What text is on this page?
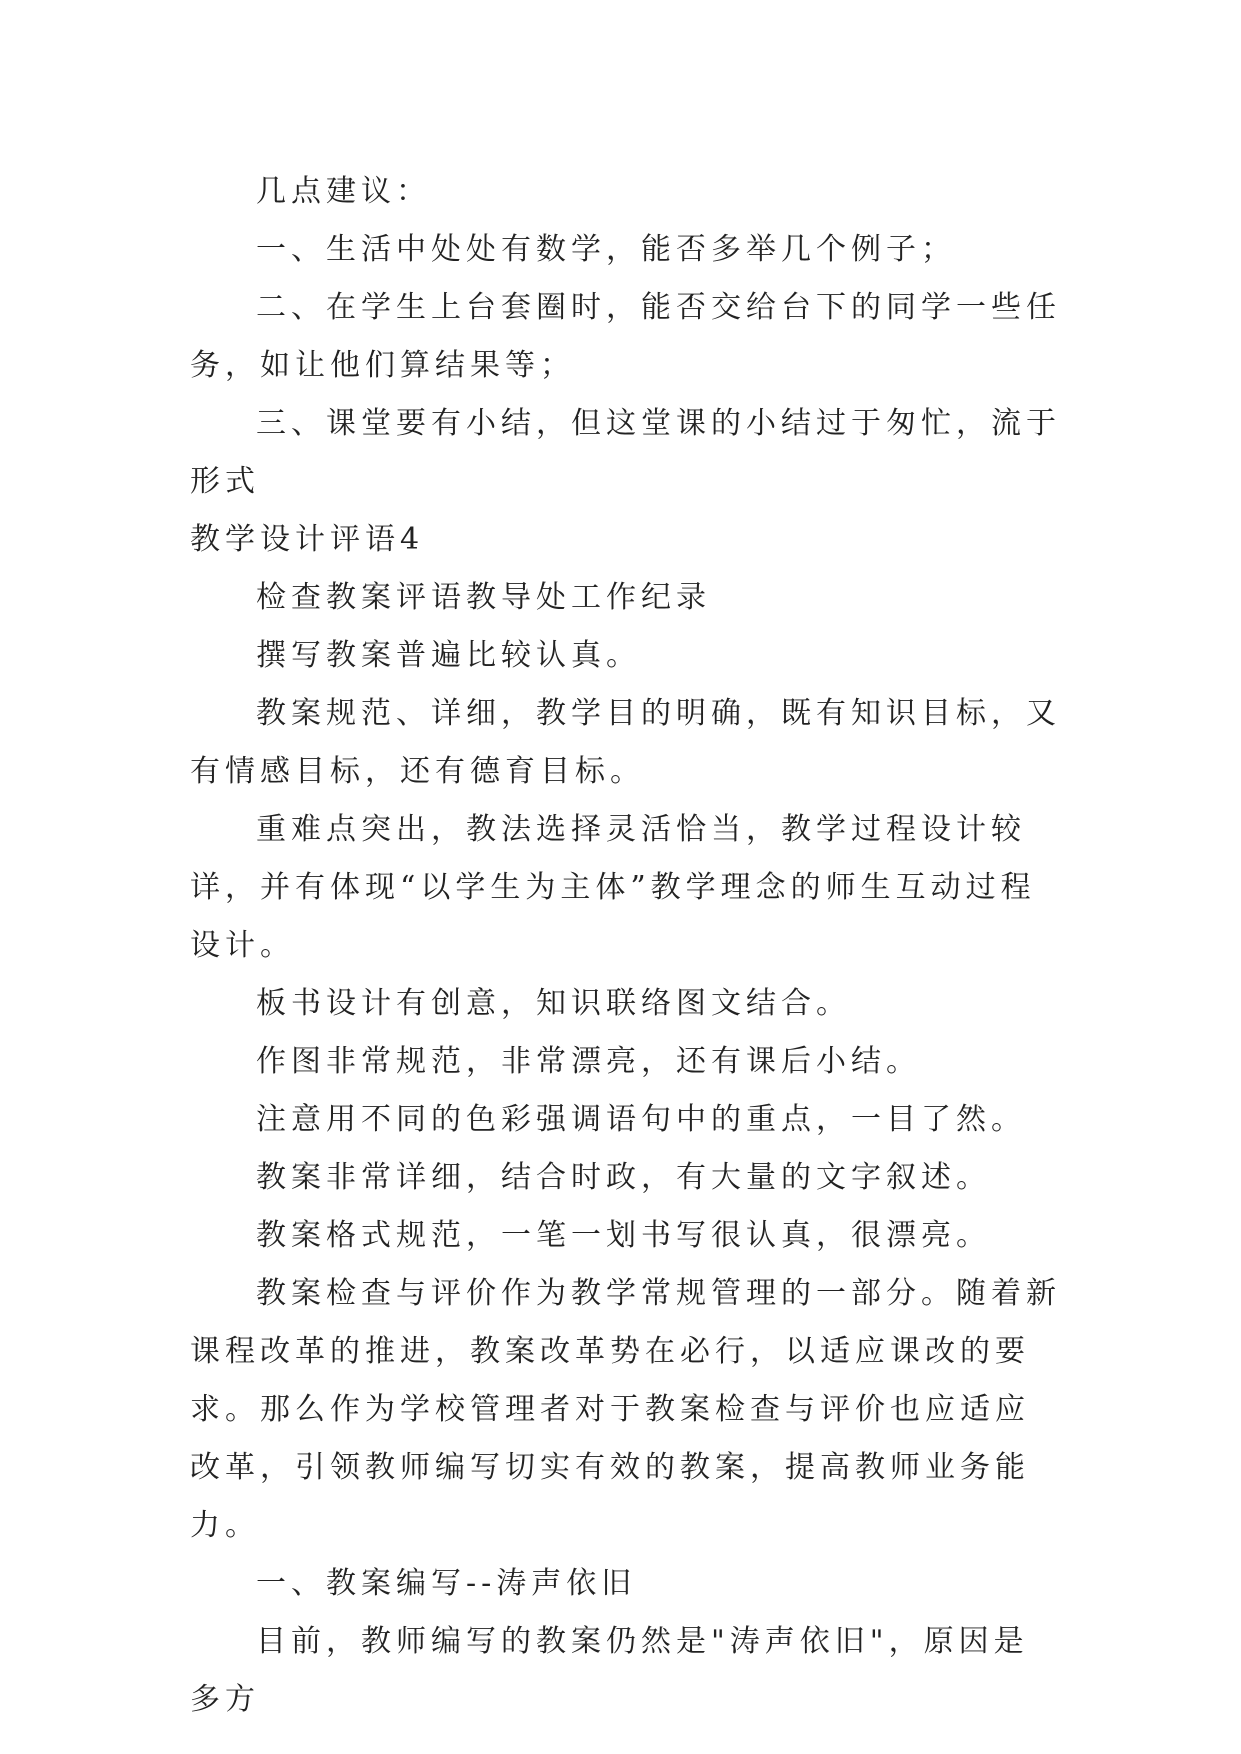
几点建议：

一、生活中处处有数学，能否多举几个例子；

二、在学生上台套圈时，能否交给台下的同学一些任务，如让他们算结果等；

三、课堂要有小结，但这堂课的小结过于匆忙，流于形式

教学设计评语4

检查教案评语教导处工作纪录

撰写教案普遍比较认真。

教案规范、详细，教学目的明确，既有知识目标，又有情感目标，还有德育目标。

重难点突出，教法选择灵活恰当，教学过程设计较详，并有体现“以学生为主体”教学理念的师生互动过程设计。

板书设计有创意，知识联络图文结合。

作图非常规范，非常漂亮，还有课后小结。

注意用不同的色彩强调语句中的重点，一目了然。

教案非常详细，结合时政，有大量的文字叙述。

教案格式规范，一笔一划书写很认真，很漂亮。

教案检查与评价作为教学常规管理的一部分。随着新课程改革的推进，教案改革势在必行，以适应课改的要求。那么作为学校管理者对于教案检查与评价也应适应改革，引领教师编写切实有效的教案，提高教师业务能力。

一、教案编写--涛声依旧

目前，教师编写的教案仍然是"涛声依旧"，原因是多方
